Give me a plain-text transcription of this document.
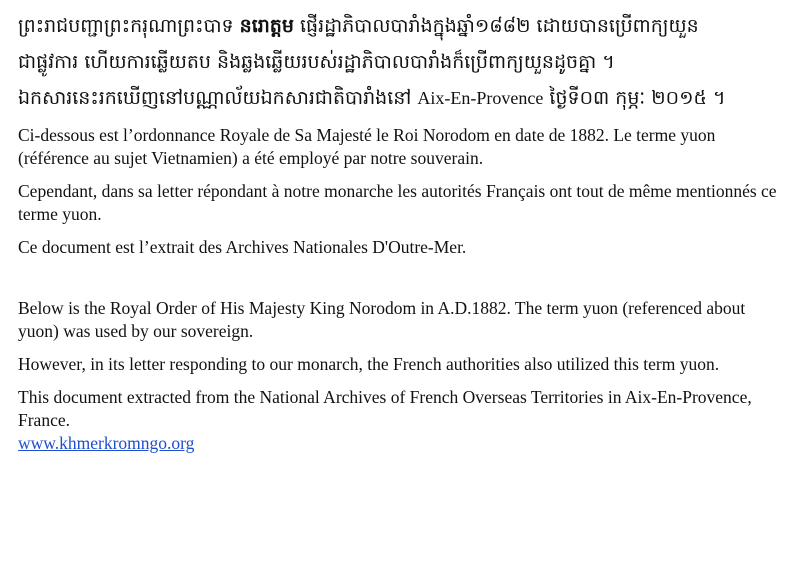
ព្រះរាជបញ្ជាព្រះករុណាព្រះបាទ នរោត្តម ផ្ញើរដ្ឋាភិបាលបារាំងក្នុងឆ្នាំ១៨៨២ ដោយបានប្រើពាក្យយួន
ជាផ្លូវការ ហើយការឆ្លើយតប និងឆ្លងឆ្លើយរបស់រដ្ឋាភិបាលបារាំងក៏ប្រើពាក្យយួនដូចគ្នា ។
ឯកសារនេះរកឃើញនៅបណ្ណាល័យឯកសារជាតិបារាំងនៅ Aix-En-Provence ថ្ងៃទី០៣ កុម្ភៈ ២០១៥ ។

Ci-dessous est l’ordonnance Royale de Sa Majesté le Roi Norodom en date de 1882. Le terme yuon (référence au sujet Vietnamien) a été employé par notre souverain.

Cependant, dans sa letter répondant à notre monarche les autorités Français ont tout de même mentionnés ce terme yuon.

Ce document est l’extrait des Archives Nationales D'Outre-Mer.

Below is the Royal Order of His Majesty King Norodom in A.D.1882. The term yuon (referenced about yuon) was used by our sovereign.

However, in its letter responding to our monarch, the French authorities also utilized this term yuon.

This document extracted from the National Archives of French Overseas Territories in Aix-En-Provence, France.

www.khmerkromngo.org
